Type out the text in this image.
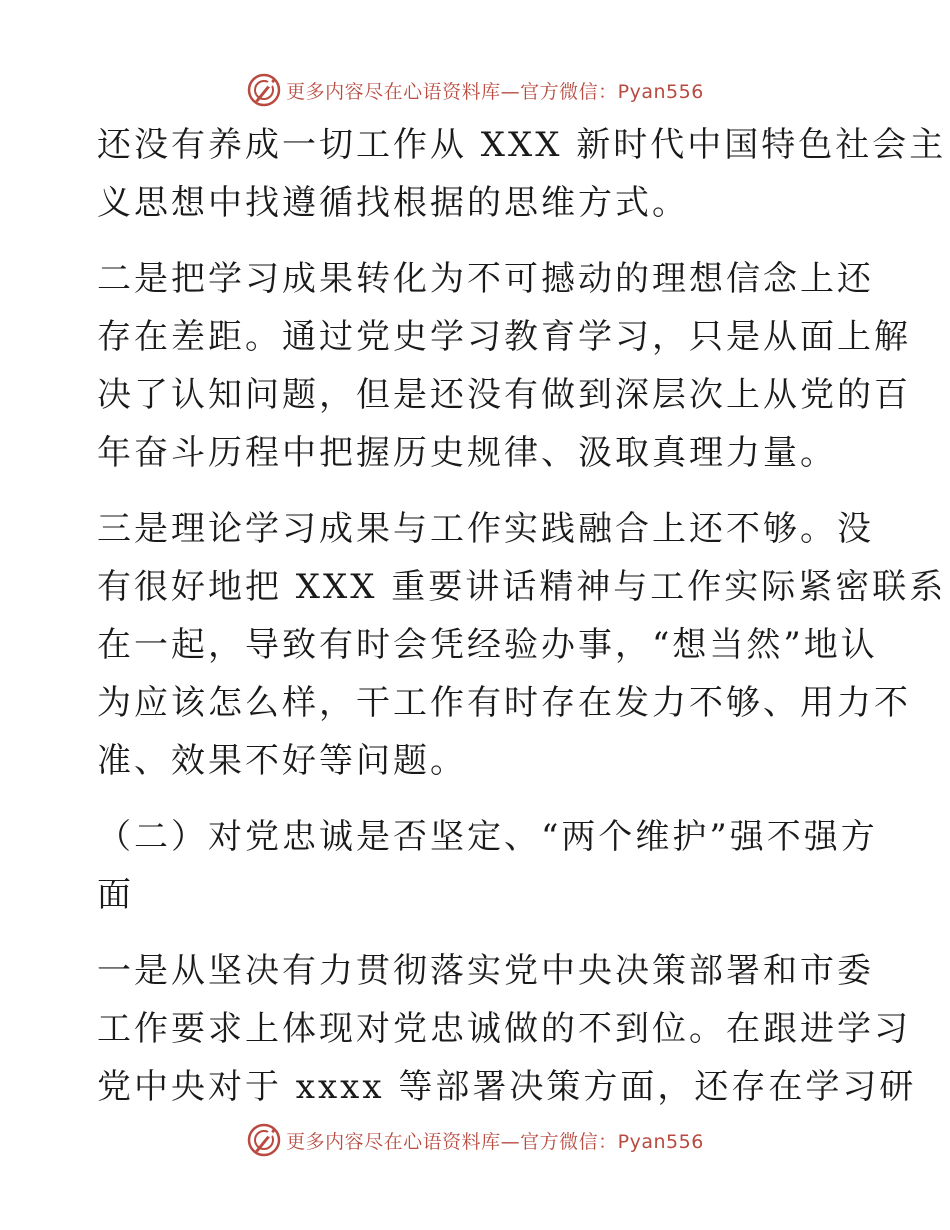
更多内容尽在心语资料库—官方微信：Pyan556
还没有养成一切工作从 XXX 新时代中国特色社会主
义思想中找遵循找根据的思维方式。
二是把学习成果转化为不可撼动的理想信念上还
存在差距。通过党史学习教育学习，只是从面上解
决了认知问题，但是还没有做到深层次上从党的百
年奋斗历程中把握历史规律、汲取真理力量。
三是理论学习成果与工作实践融合上还不够。没
有很好地把 XXX 重要讲话精神与工作实际紧密联系
在一起，导致有时会凭经验办事，“想当然”地认
为应该怎么样，干工作有时存在发力不够、用力不
准、效果不好等问题。
（二）对党忠诚是否坚定、“两个维护”强不强方
面
一是从坚决有力贯彻落实党中央决策部署和市委
工作要求上体现对党忠诚做的不到位。在跟进学习
党中央对于 xxxx 等部署决策方面，还存在学习研
更多内容尽在心语资料库—官方微信：Pyan556
